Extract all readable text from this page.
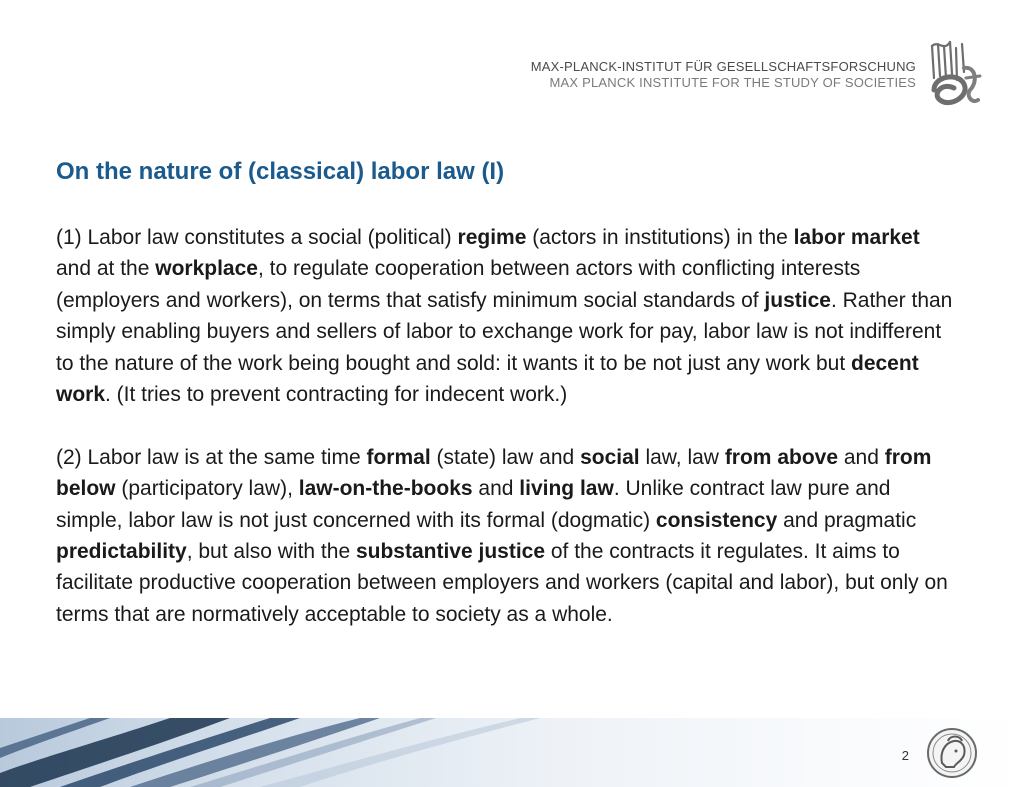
MAX-PLANCK-INSTITUT FÜR GESELLSCHAFTSFORSCHUNG
MAX PLANCK INSTITUTE FOR THE STUDY OF SOCIETIES
On the nature of (classical) labor law (I)

(1) Labor law constitutes a social (political) regime (actors in institutions) in the labor market and at the workplace, to regulate cooperation between actors with conflicting interests (employers and workers), on terms that satisfy minimum social standards of justice. Rather than simply enabling buyers and sellers of labor to exchange work for pay, labor law is not indifferent to the nature of the work being bought and sold: it wants it to be not just any work but decent work. (It tries to prevent contracting for indecent work.)

(2) Labor law is at the same time formal (state) law and social law, law from above and from below (participatory law), law-on-the-books and living law. Unlike contract law pure and simple, labor law is not just concerned with its formal (dogmatic) consistency and pragmatic predictability, but also with the substantive justice of the contracts it regulates. It aims to facilitate productive cooperation between employers and workers (capital and labor), but only on terms that are normatively acceptable to society as a whole.

2
